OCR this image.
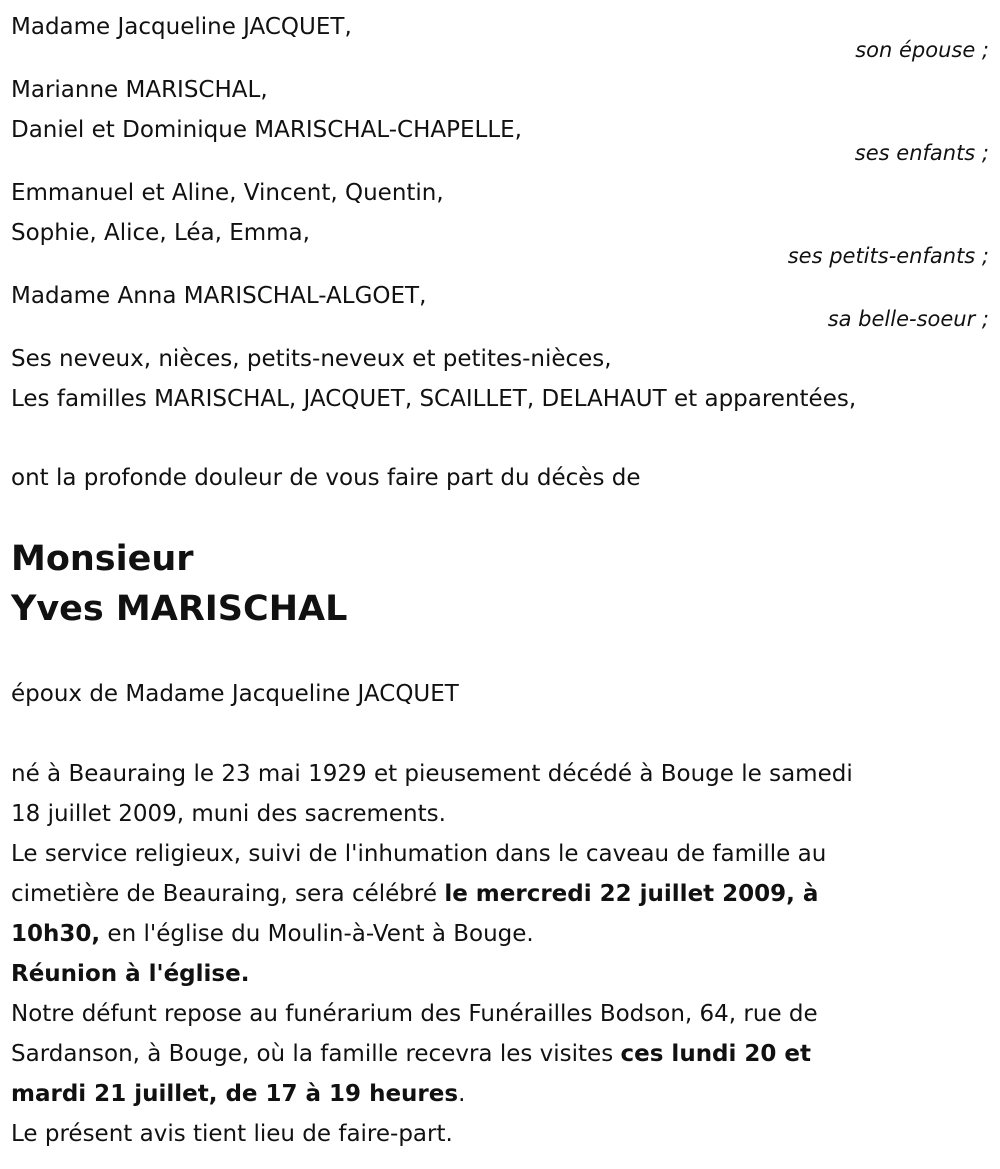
Madame Jacqueline JACQUET,
son épouse ;
Marianne MARISCHAL,
Daniel et Dominique MARISCHAL-CHAPELLE,
ses enfants ;
Emmanuel et Aline, Vincent, Quentin,
Sophie, Alice, Léa, Emma,
ses petits-enfants ;
Madame Anna MARISCHAL-ALGOET,
sa belle-soeur ;
Ses neveux, nièces, petits-neveux et petites-nièces,
Les familles MARISCHAL, JACQUET, SCAILLET, DELAHAUT et apparentées,
ont la profonde douleur de vous faire part du décès de
Monsieur
Yves MARISCHAL
époux de Madame Jacqueline JACQUET
né à Beauraing le 23 mai 1929 et pieusement décédé à Bouge le samedi
18 juillet 2009, muni des sacrements.
Le service religieux, suivi de l'inhumation dans le caveau de famille au
cimetière de Beauraing, sera célébré le mercredi 22 juillet 2009, à
10h30, en l'église du Moulin-à-Vent à Bouge.
Réunion à l'église.
Notre défunt repose au funérarium des Funérailles Bodson, 64, rue de
Sardanson, à Bouge, où la famille recevra les visites ces lundi 20 et
mardi 21 juillet, de 17 à 19 heures.
Le présent avis tient lieu de faire-part.
